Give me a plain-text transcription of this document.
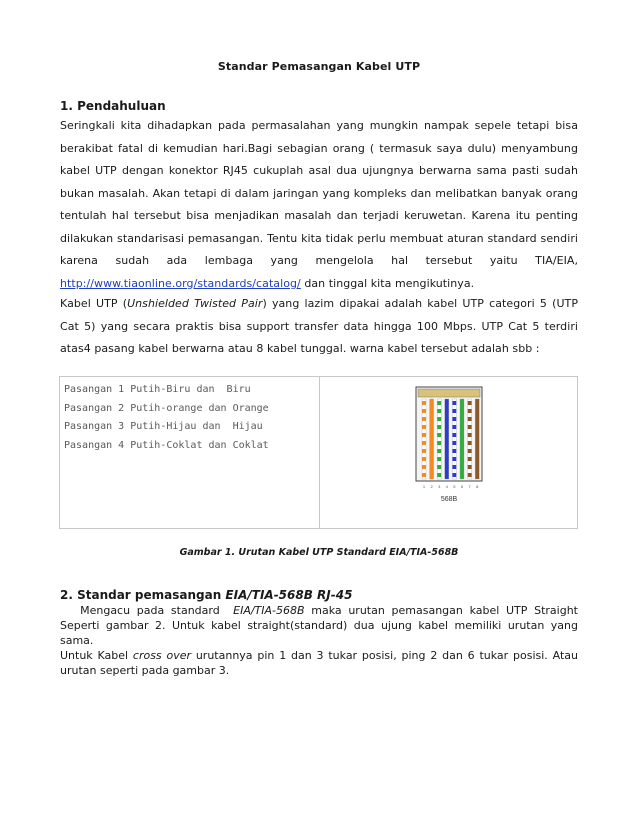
Standar Pemasangan Kabel UTP
1. Pendahuluan
Seringkali kita dihadapkan pada permasalahan yang mungkin nampak sepele tetapi bisa
berakibat fatal di kemudian hari.Bagi sebagian orang ( termasuk saya dulu) menyambung
kabel UTP dengan konektor RJ45 cukuplah asal dua ujungnya berwarna sama pasti sudah
bukan masalah. Akan tetapi di dalam jaringan yang kompleks dan melibatkan banyak orang
tentulah hal tersebut bisa menjadikan masalah dan terjadi keruwetan. Karena itu penting
dilakukan standarisasi pemasangan. Tentu kita tidak perlu membuat aturan standard sendiri
karena sudah ada lembaga yang mengelola hal tersebut yaitu TIA/EIA,
http://www.tiaonline.org/standards/catalog/ dan tinggal kita mengikutinya.
Kabel UTP (Unshielded Twisted Pair) yang lazim dipakai adalah kabel UTP categori 5 (UTP
Cat 5) yang secara praktis bisa support transfer data hingga 100 Mbps. UTP Cat 5 terdiri
atas4 pasang kabel berwarna atau 8 kabel tunggal. warna kabel tersebut adalah sbb :
Pasangan 1 Putih-Biru dan  Biru
Pasangan 2 Putih-orange dan Orange
Pasangan 3 Putih-Hijau dan  Hijau
Pasangan 4 Putih-Coklat dan Coklat
1 2 3 4 5 6 7 8
568B
Gambar 1. Urutan Kabel UTP Standard EIA/TIA-568B
2. Standar pemasangan EIA/TIA-568B RJ-45
Mengacu pada standard  EIA/TIA-568B maka urutan pemasangan kabel UTP Straight
Seperti gambar 2. Untuk kabel straight(standard) dua ujung kabel memiliki urutan yang
sama.
Untuk Kabel cross over urutannya pin 1 dan 3 tukar posisi, ping 2 dan 6 tukar posisi. Atau
urutan seperti pada gambar 3.
